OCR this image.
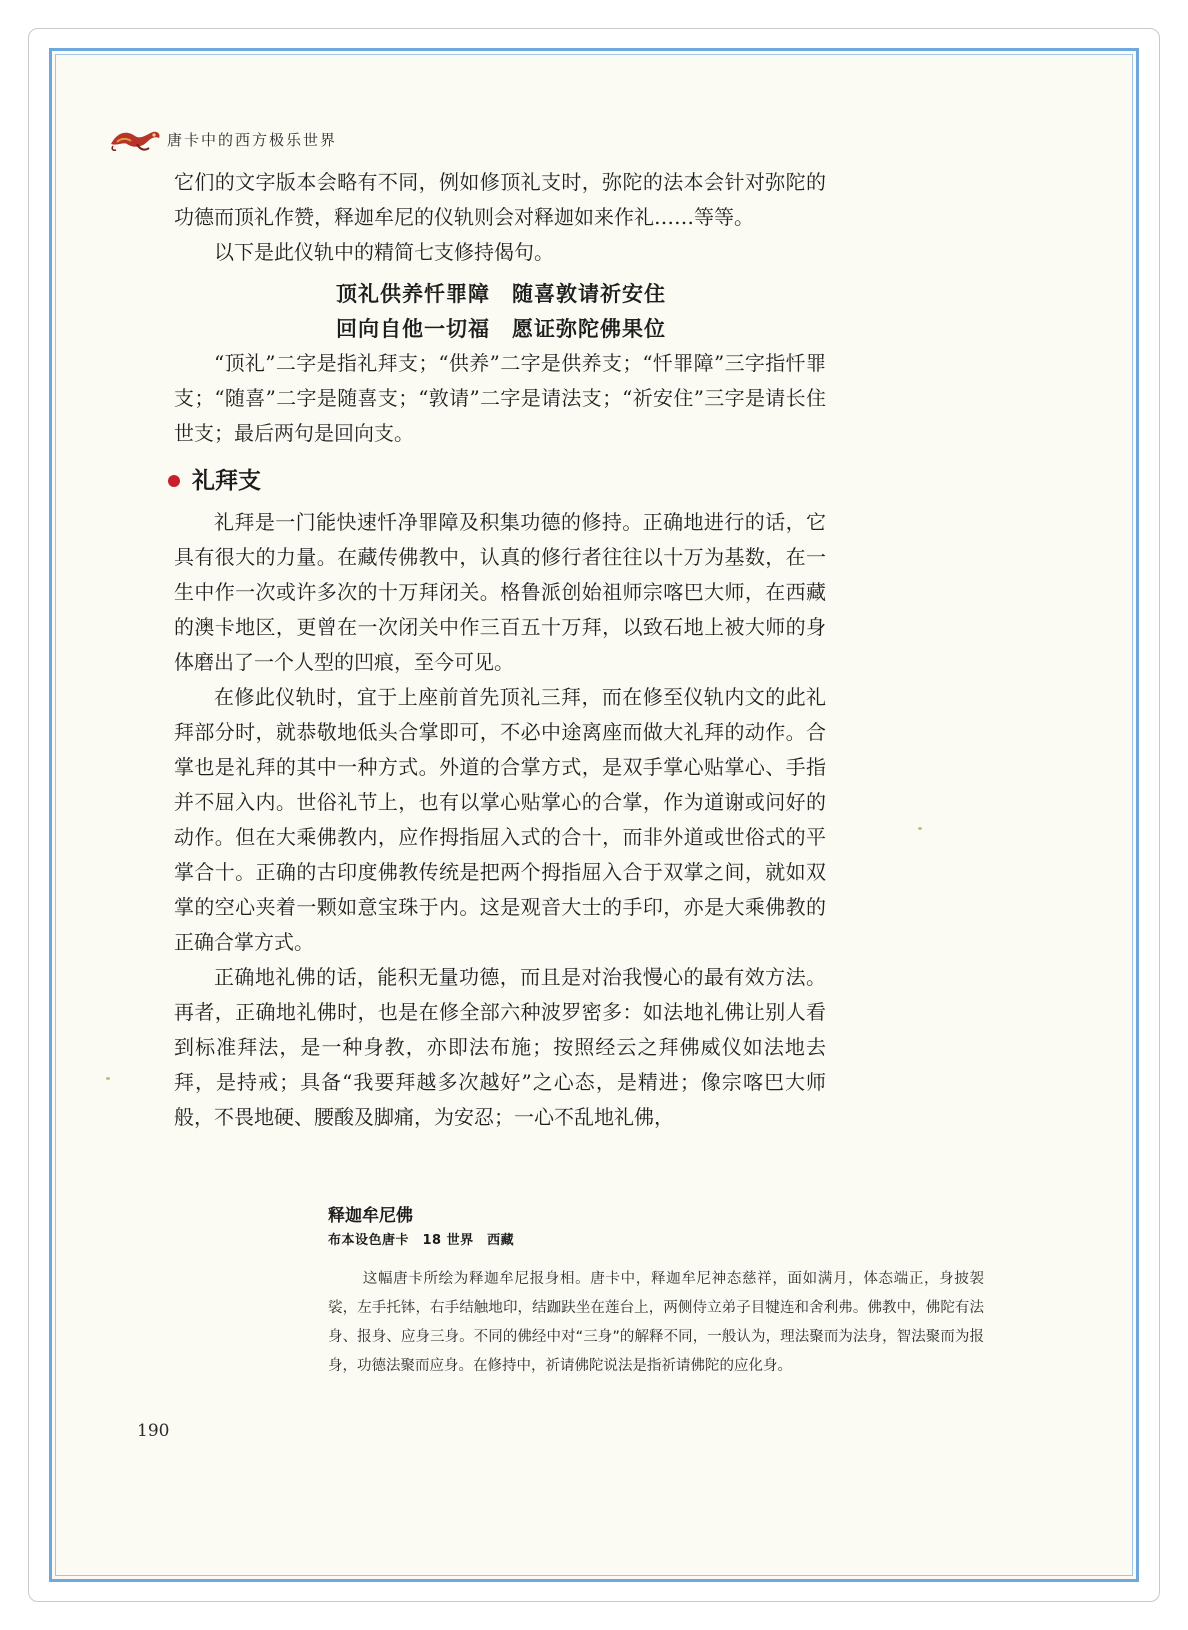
唐卡中的西方极乐世界

它们的文字版本会略有不同，例如修顶礼支时，弥陀的法本会针对弥陀的功德而顶礼作赞，释迦牟尼的仪轨则会对释迦如来作礼……等等。

以下是此仪轨中的精简七支修持偈句。

顶礼供养忏罪障　随喜敦请祈安住
回向自他一切福　愿证弥陀佛果位

“顶礼”二字是指礼拜支；“供养”二字是供养支；“忏罪障”三字指忏罪支；“随喜”二字是随喜支；“敦请”二字是请法支；“祈安住”三字是请长住世支；最后两句是回向支。

礼拜支

礼拜是一门能快速忏净罪障及积集功德的修持。正确地进行的话，它具有很大的力量。在藏传佛教中，认真的修行者往往以十万为基数，在一生中作一次或许多次的十万拜闭关。格鲁派创始祖师宗喀巴大师，在西藏的澳卡地区，更曾在一次闭关中作三百五十万拜，以致石地上被大师的身体磨出了一个人型的凹痕，至今可见。

在修此仪轨时，宜于上座前首先顶礼三拜，而在修至仪轨内文的此礼拜部分时，就恭敬地低头合掌即可，不必中途离座而做大礼拜的动作。合掌也是礼拜的其中一种方式。外道的合掌方式，是双手掌心贴掌心、手指并不屈入内。世俗礼节上，也有以掌心贴掌心的合掌，作为道谢或问好的动作。但在大乘佛教内，应作拇指屈入式的合十，而非外道或世俗式的平掌合十。正确的古印度佛教传统是把两个拇指屈入合于双掌之间，就如双掌的空心夹着一颗如意宝珠于内。这是观音大士的手印，亦是大乘佛教的正确合掌方式。

正确地礼佛的话，能积无量功德，而且是对治我慢心的最有效方法。再者，正确地礼佛时，也是在修全部六种波罗密多：如法地礼佛让别人看到标准拜法，是一种身教，亦即法布施；按照经云之拜佛威仪如法地去拜，是持戒；具备“我要拜越多次越好”之心态，是精进；像宗喀巴大师般，不畏地硬、腰酸及脚痛，为安忍；一心不乱地礼佛，

释迦牟尼佛

布本设色唐卡　18 世界　西藏

这幅唐卡所绘为释迦牟尼报身相。唐卡中，释迦牟尼神态慈祥，面如满月，体态端正，身披袈裟，左手托钵，右手结触地印，结跏趺坐在莲台上，两侧侍立弟子目犍连和舍利弗。佛教中，佛陀有法身、报身、应身三身。不同的佛经中对“三身”的解释不同，一般认为，理法聚而为法身，智法聚而为报身，功德法聚而应身。在修持中，祈请佛陀说法是指祈请佛陀的应化身。

190
